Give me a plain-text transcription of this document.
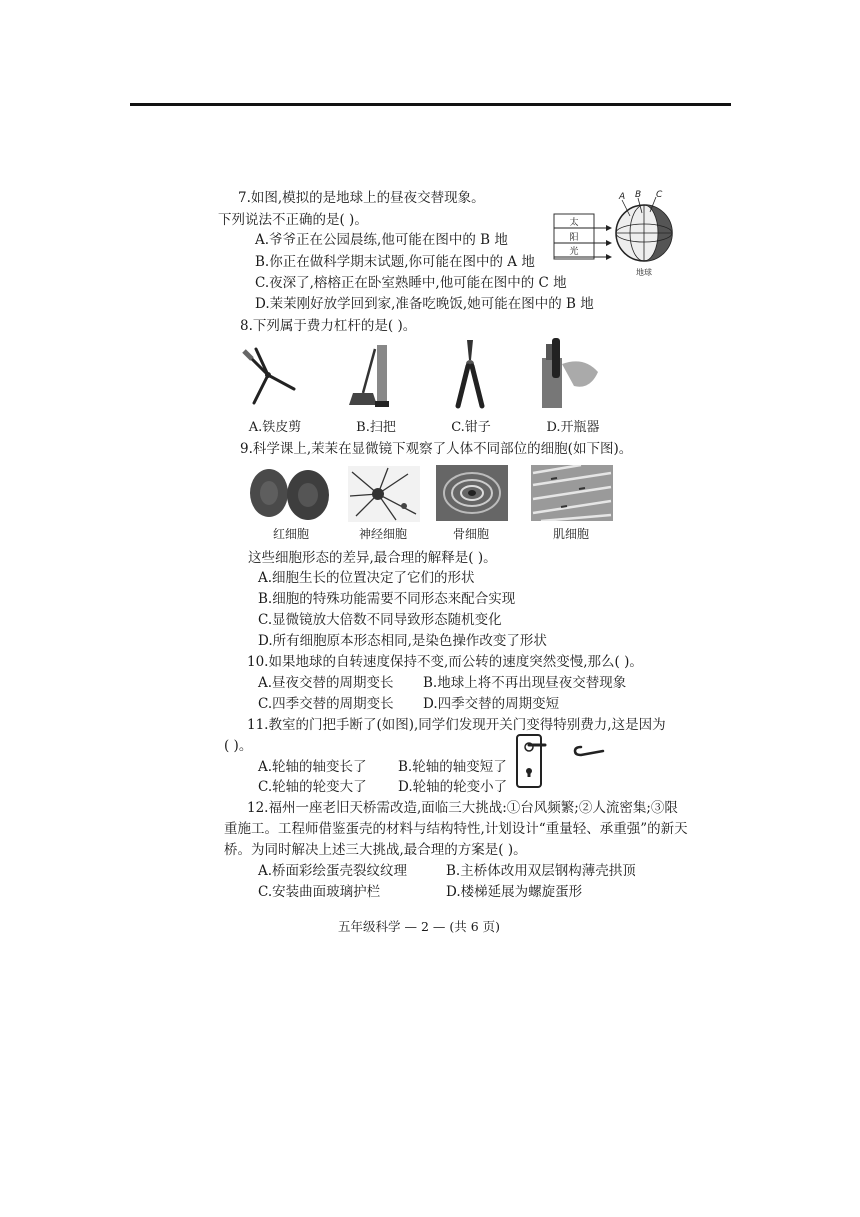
7.如图,模拟的是地球上的昼夜交替现象。
下列说法不正确的是( )。
A.爷爷正在公园晨练,他可能在图中的 B 地
B.你正在做科学期末试题,你可能在图中的 A 地
C.夜深了,榕榕正在卧室熟睡中,他可能在图中的 C 地
D.茉茉刚好放学回到家,准备吃晚饭,她可能在图中的 B 地
太
阳
光
A B C
地球
8.下列属于费力杠杆的是( )。
A.铁皮剪	B.扫把	C.钳子	D.开瓶器
9.科学课上,茉茉在显微镜下观察了人体不同部位的细胞(如下图)。
红细胞	神经细胞	骨细胞	肌细胞
这些细胞形态的差异,最合理的解释是( )。
A.细胞生长的位置决定了它们的形状
B.细胞的特殊功能需要不同形态来配合实现
C.显微镜放大倍数不同导致形态随机变化
D.所有细胞原本形态相同,是染色操作改变了形状
10.如果地球的自转速度保持不变,而公转的速度突然变慢,那么( )。
A.昼夜交替的周期变长 B.地球上将不再出现昼夜交替现象
C.四季交替的周期变长 D.四季交替的周期变短
11.教室的门把手断了(如图),同学们发现开关门变得特别费力,这是因为
( )。
A.轮轴的轴变长了 B.轮轴的轴变短了
C.轮轴的轮变大了 D.轮轴的轮变小了
12.福州一座老旧天桥需改造,面临三大挑战:①台风频繁;②人流密集;③限
重施工。工程师借鉴蛋壳的材料与结构特性,计划设计“重量轻、承重强”的新天
桥。为同时解决上述三大挑战,最合理的方案是( )。
A.桥面彩绘蛋壳裂纹纹理	B.主桥体改用双层钢构薄壳拱顶
C.安装曲面玻璃护栏	D.楼梯延展为螺旋蛋形
五年级科学 — 2 — (共 6 页)
